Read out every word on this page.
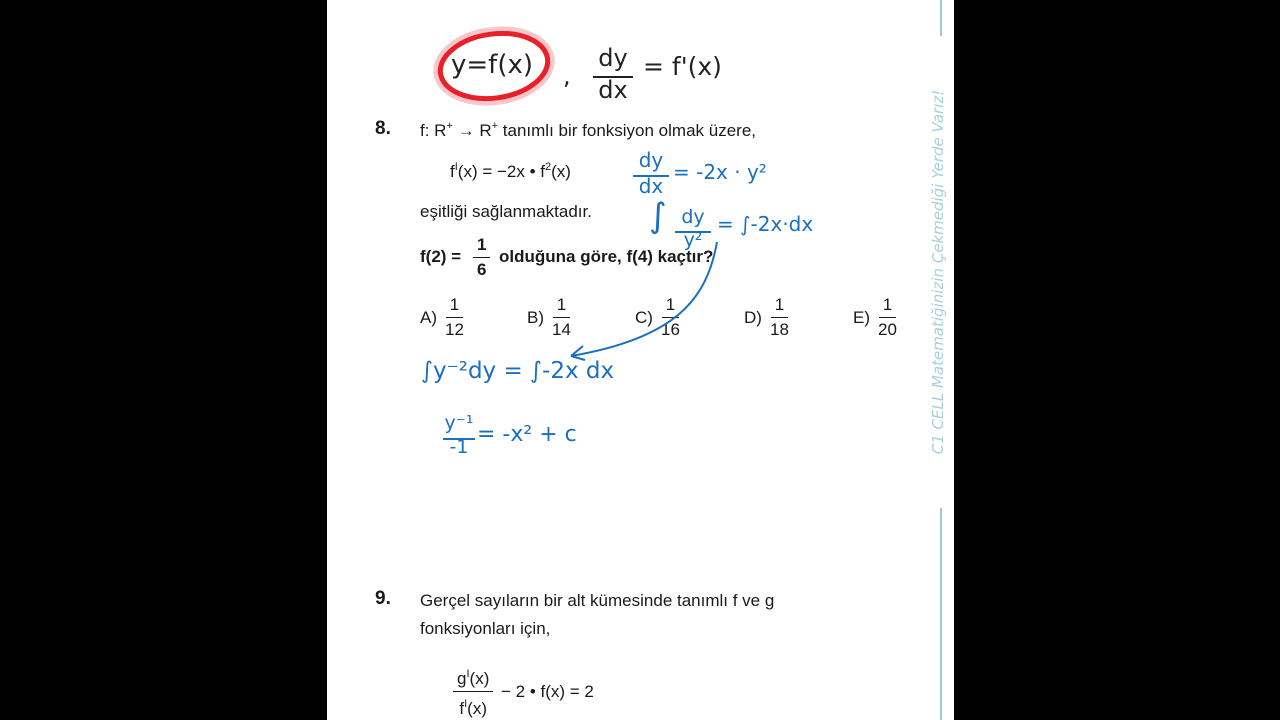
y=f(x) ,
dy
dx
= f'(x)
8. f: R+ → R+ tanımlı bir fonksiyon olmak üzere,
$f^I(x) = -2x$ • $f^2(x)$
eşitliği sağlanmaktadır.
$f(2) = \frac{1}{6}$ olduğuna göre, f(4) kaçtır?
$A) \frac{1}{12}$	$B) \frac{1}{14}$	$C) \frac{1}{16}$	$D) \frac{1}{18}$	$E) \frac{1}{20}$
dy
dx
= -2x · y²
∫ dy
y²
= ∫-2x·dx
∫y⁻²dy = ∫-2x dx
y⁻¹
-1 = -x² + c
9. Gerçel sayıların bir alt kümesinde tanımlı f ve g
fonksiyonları için,
$\frac{g^I(x)}{f^I(x)} - 2$ • f(x) = 2
C1 CELL Matematiğinizin Çekmediği Yerde Varız!
